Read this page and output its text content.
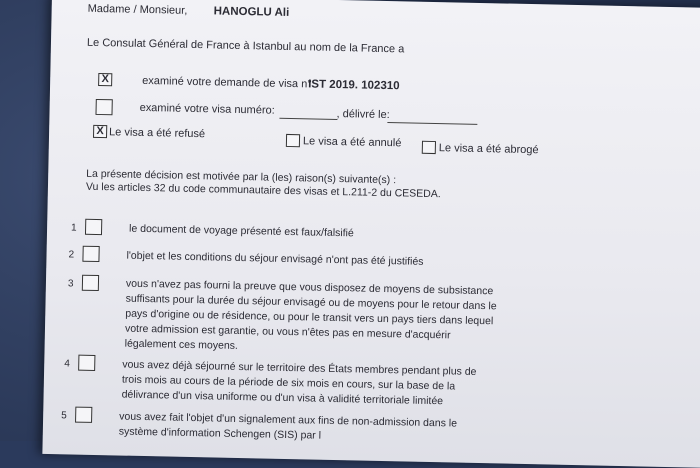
Madame / Monsieur, HANOGLU Ali
Le Consulat Général de France à Istanbul au nom de la France a
X	examiné votre demande de visa n°
IST 2019. 102310
examiné votre visa numéro:	, délivré le:
X Le visa a été refusé
Le visa a été annulé	Le visa a été abrogé
La présente décision est motivée par la (les) raison(s) suivante(s) :
Vu les articles 32 du code communautaire des visas et L.211-2 du CESEDA.
1	le document de voyage présenté est faux/falsifié
2	l'objet et les conditions du séjour envisagé n'ont pas été justifiés
3	vous n'avez pas fourni la preuve que vous disposez de moyens de subsistance
suffisants pour la durée du séjour envisagé ou de moyens pour le retour dans le
pays d'origine ou de résidence, ou pour le transit vers un pays tiers dans lequel
votre admission est garantie, ou vous n'êtes pas en mesure d'acquérir
légalement ces moyens.
4	vous avez déjà séjourné sur le territoire des États membres pendant plus de
trois mois au cours de la période de six mois en cours, sur la base de la
délivrance d'un visa uniforme ou d'un visa à validité territoriale limitée
5	vous avez fait l'objet d'un signalement aux fins de non-admission dans le
système d'information Schengen (SIS) par l
